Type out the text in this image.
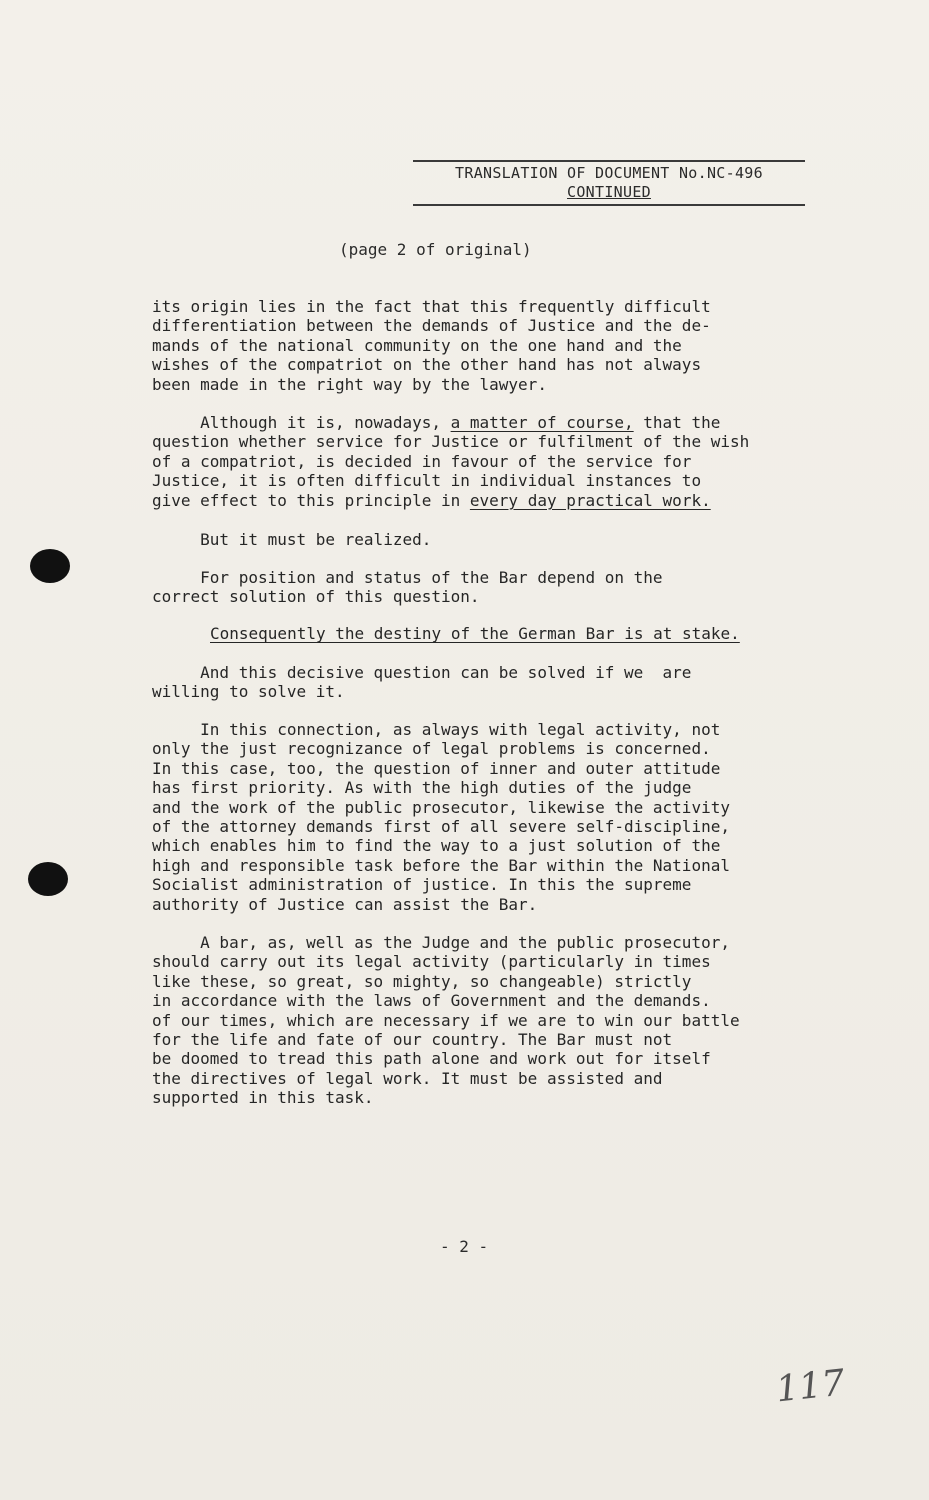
TRANSLATION OF DOCUMENT No.NC-496
CONTINUED
(page 2 of original)
its origin lies in the fact that this frequently difficult
differentiation between the demands of Justice and the de-
mands of the national community on the one hand and the
wishes of the compatriot on the other hand has not always
been made in the right way by the lawyer.
Although it is, nowadays, a matter of course, that the
question whether service for Justice or fulfilment of the wish
of a compatriot, is decided in favour of the service for
Justice, it is often difficult in individual instances to
give effect to this principle in every day practical work.
But it must be realized.
For position and status of the Bar depend on the
correct solution of this question.
Consequently the destiny of the German Bar is at stake.
And this decisive question can be solved if we  are
willing to solve it.
In this connection, as always with legal activity, not
only the just recognizance of legal problems is concerned.
In this case, too, the question of inner and outer attitude
has first priority. As with the high duties of the judge
and the work of the public prosecutor, likewise the activity
of the attorney demands first of all severe self-discipline,
which enables him to find the way to a just solution of the
high and responsible task before the Bar within the National
Socialist administration of justice. In this the supreme
authority of Justice can assist the Bar.
A bar, as, well as the Judge and the public prosecutor,
should carry out its legal activity (particularly in times
like these, so great, so mighty, so changeable) strictly
in accordance with the laws of Government and the demands.
of our times, which are necessary if we are to win our battle
for the life and fate of our country. The Bar must not
be doomed to tread this path alone and work out for itself
the directives of legal work. It must be assisted and
supported in this task.
- 2 -
117
